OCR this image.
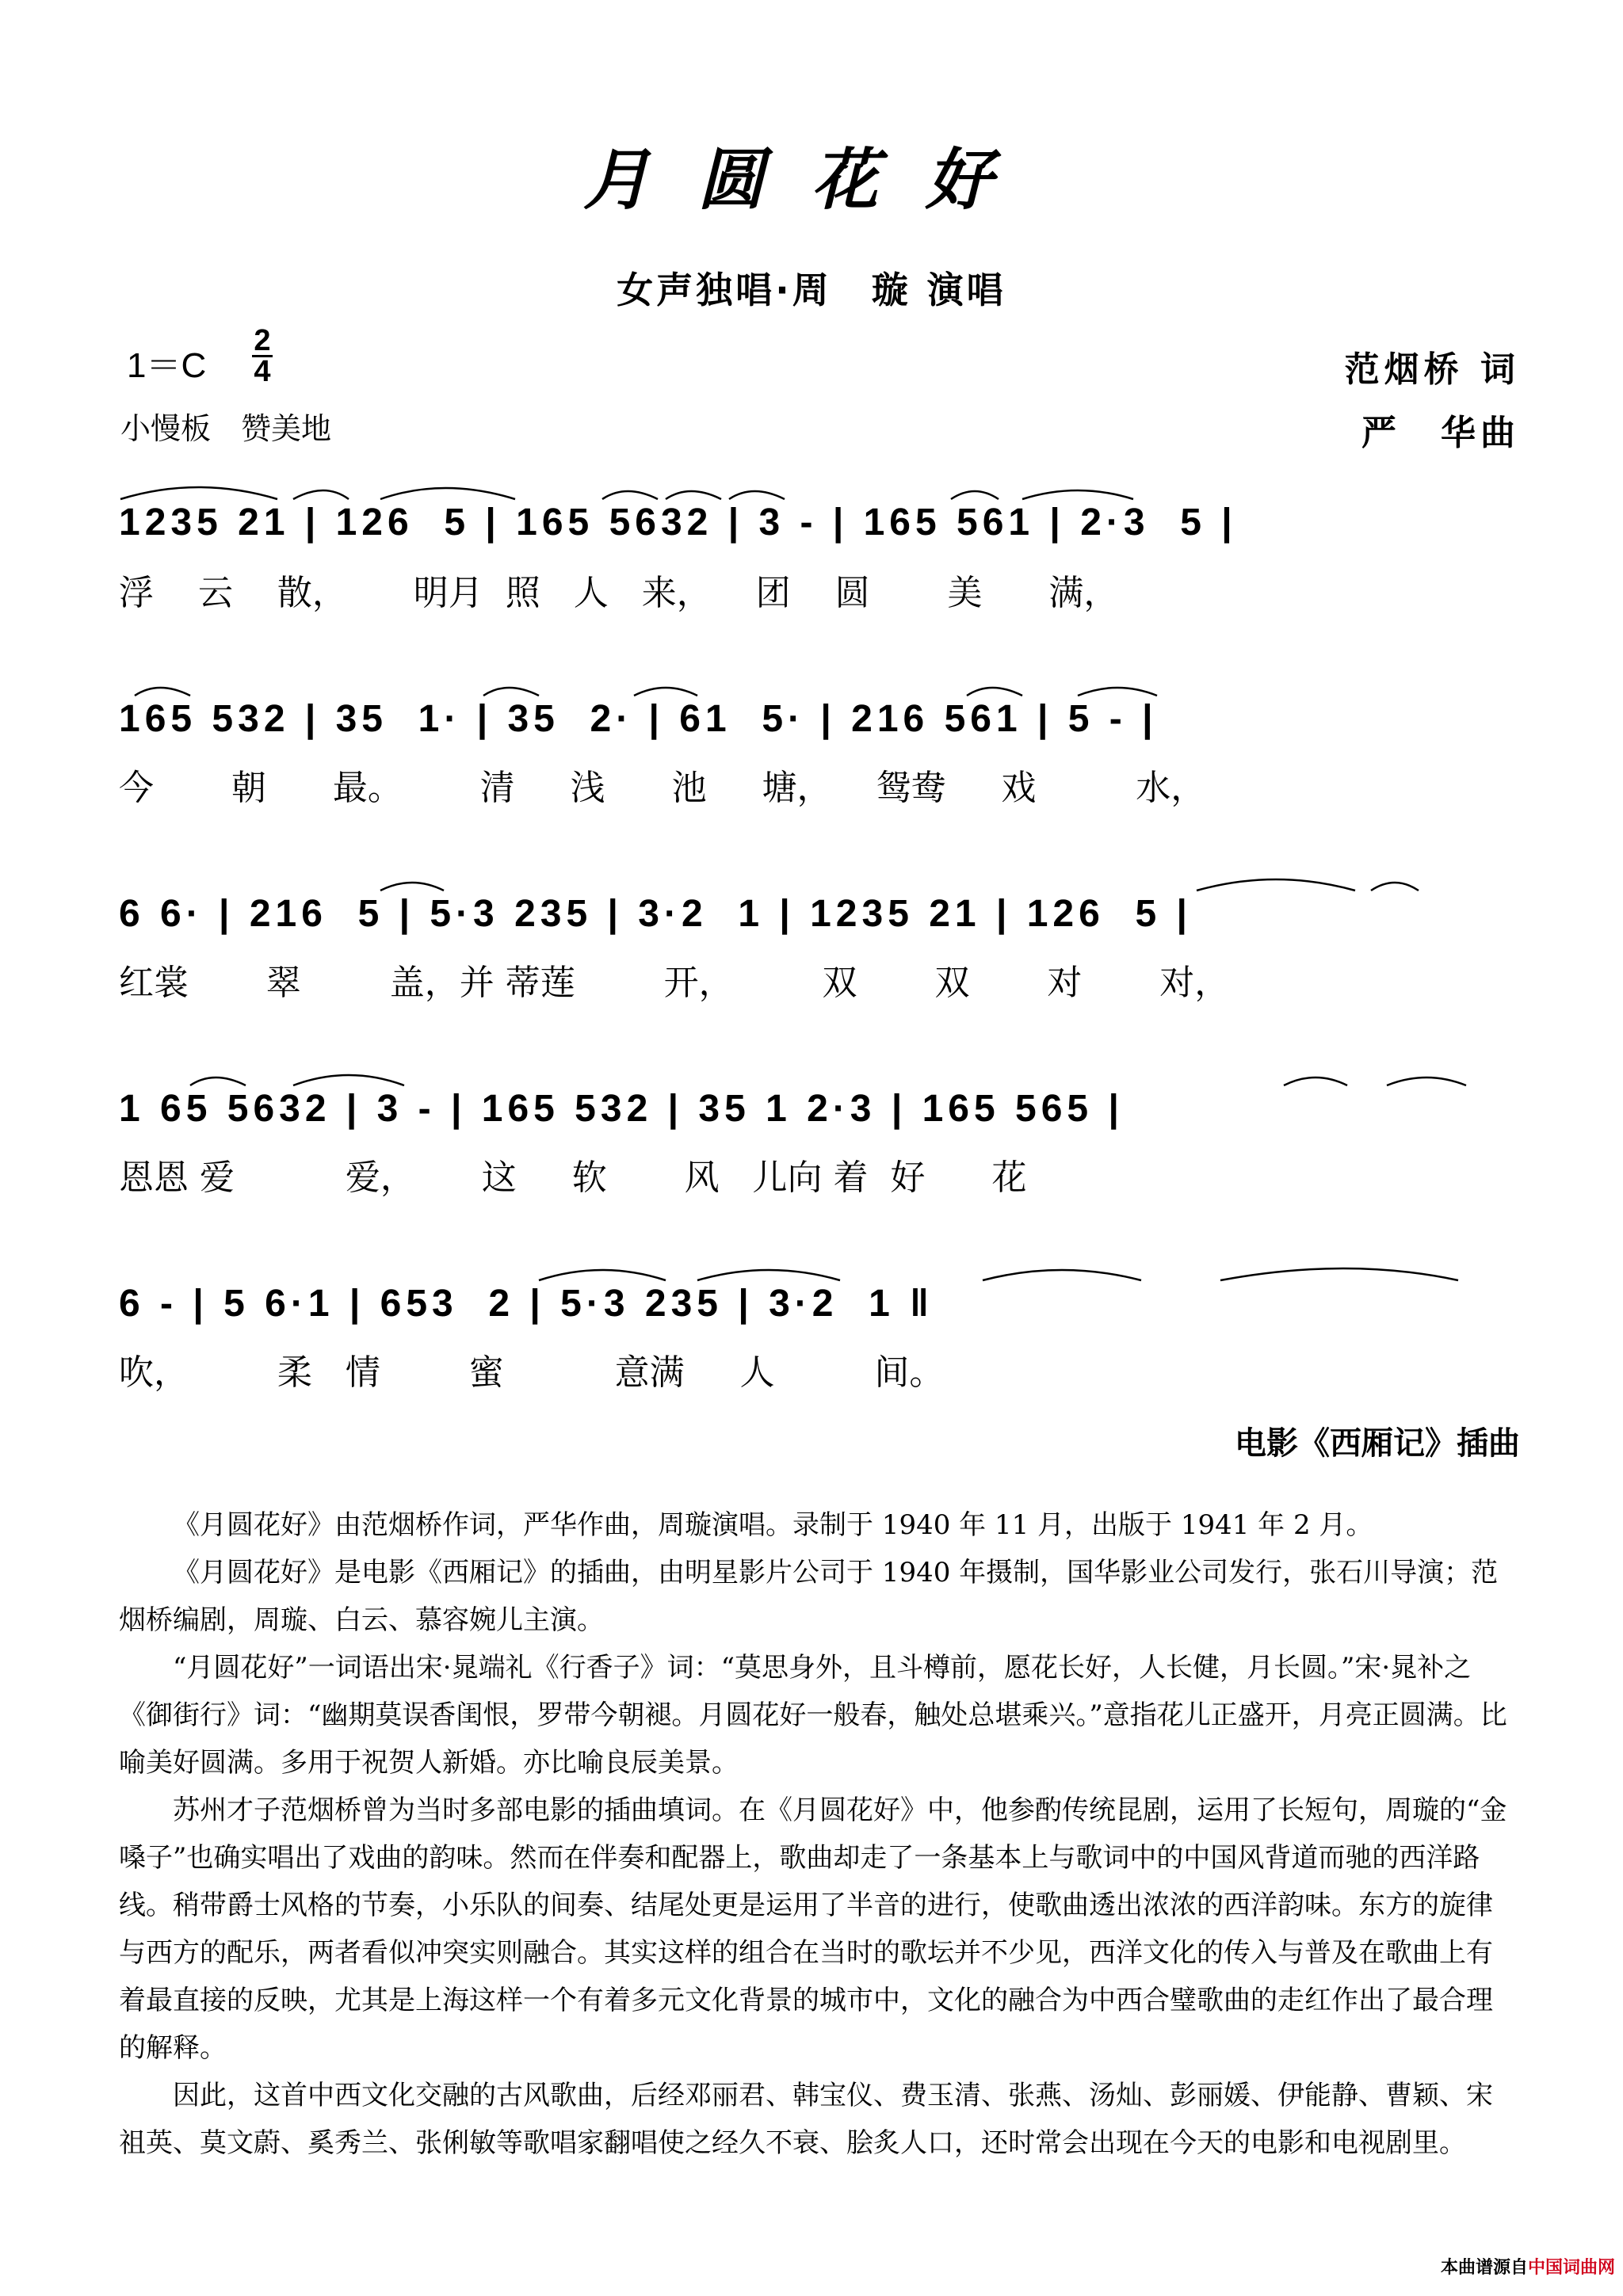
月圆花好
女声独唱·周　璇 演唱
1＝C
2
4
小慢板　赞美地
范烟桥 词
严　华曲
1235 21 | 126  5 | 165 5632 | 3 - | 165 561 | 2·3  5 |
浮    云    散，      明月  照   人   来，    团    圆       美      满，
165 532 | 35  1· | 35  2· | 61  5· | 216 561 | 5 - |
今       朝      最。       清     浅      池     塘，    鸳鸯     戏         水，
6 6· | 216  5 | 5·3 235 | 3·2  1 | 1235 21 | 126  5 |
红裳       翠        盖，并 蒂莲        开，        双       双       对       对，
1 65 5632 | 3 - | 165 532 | 35 1 2·3 | 165 565 |
恩恩 爱          爱，      这     软       风   儿向 着  好      花
6 - | 5 6·1 | 653  2 | 5·3 235 | 3·2  1 ‖
吹，        柔   情        蜜          意满     人         间。
电影《西厢记》插曲

《月圆花好》由范烟桥作词，严华作曲，周璇演唱。录制于 1940 年 11 月，出版于 1941 年 2 月。

《月圆花好》是电影《西厢记》的插曲，由明星影片公司于 1940 年摄制，国华影业公司发行，张石川导演；范烟桥编剧，周璇、白云、慕容婉儿主演。

“月圆花好”一词语出宋·晁端礼《行香子》词：“莫思身外，且斗樽前，愿花长好，人长健，月长圆。”宋·晁补之《御街行》词：“幽期莫误香闺恨，罗带今朝褪。月圆花好一般春，触处总堪乘兴。”意指花儿正盛开，月亮正圆满。比喻美好圆满。多用于祝贺人新婚。亦比喻良辰美景。

苏州才子范烟桥曾为当时多部电影的插曲填词。在《月圆花好》中，他参酌传统昆剧，运用了长短句，周璇的“金嗓子”也确实唱出了戏曲的韵味。然而在伴奏和配器上，歌曲却走了一条基本上与歌词中的中国风背道而驰的西洋路线。稍带爵士风格的节奏，小乐队的间奏、结尾处更是运用了半音的进行，使歌曲透出浓浓的西洋韵味。东方的旋律与西方的配乐，两者看似冲突实则融合。其实这样的组合在当时的歌坛并不少见，西洋文化的传入与普及在歌曲上有着最直接的反映，尤其是上海这样一个有着多元文化背景的城市中，文化的融合为中西合璧歌曲的走红作出了最合理的解释。

因此，这首中西文化交融的古风歌曲，后经邓丽君、韩宝仪、费玉清、张燕、汤灿、彭丽媛、伊能静、曹颖、宋祖英、莫文蔚、奚秀兰、张俐敏等歌唱家翻唱使之经久不衰、脍炙人口，还时常会出现在今天的电影和电视剧里。

本曲谱源自 中国词曲网
